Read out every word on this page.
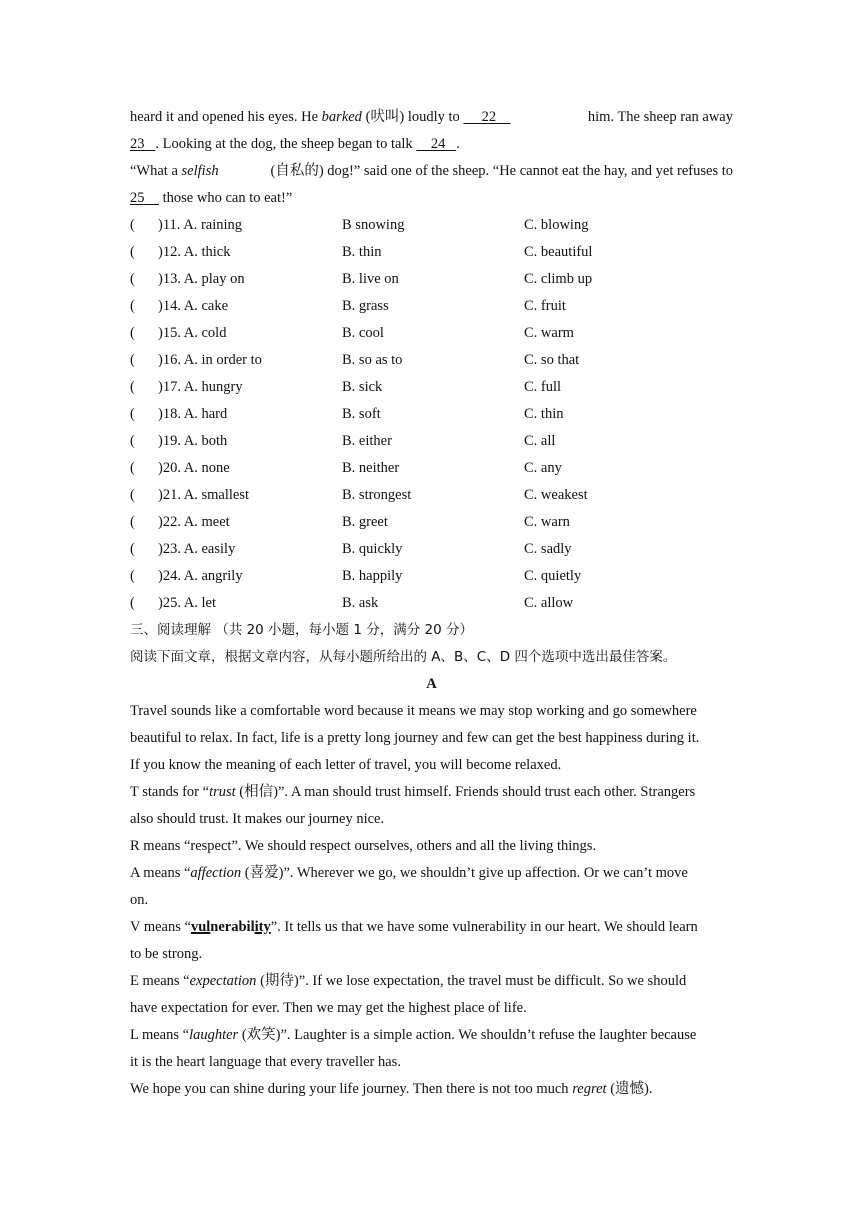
heard it and opened his eyes. He barked (吠叫) loudly to      22	him. The sheep ran away
23 . Looking at the dog, the sheep began to talk     24 .
“What a selfish	(自私的) dog!” said one of the sheep. “He cannot eat the hay, and yet refuses to
25     those who can to eat!”
( )11. A. raining	B snowing	C. blowing
( )12. A. thick	B. thin	C. beautiful
( )13. A. play on	B. live on	C. climb up
( )14. A. cake	B. grass	C. fruit
( )15. A. cold	B. cool	C. warm
( )16. A. in order to	B. so as to	C. so that
( )17. A. hungry	B. sick	C. full
( )18. A. hard	B. soft	C. thin
( )19. A. both	B. either	C. all
( )20. A. none	B. neither	C. any
( )21. A. smallest	B. strongest	C. weakest
( )22. A. meet	B. greet	C. warn
( )23. A. easily	B. quickly	C. sadly
( )24. A. angrily	B. happily	C. quietly
( )25. A. let	B. ask	C. allow
三、阅读理解 （共 20 小题，每小题 1 分，满分 20 分）
阅读下面文章，根据文章内容，从每小题所给出的 A、B、C、D 四个选项中选出最佳答案。
A
Travel sounds like a comfortable word because it means we may stop working and go somewhere
beautiful to relax. In fact, life is a pretty long journey and few can get the best happiness during it.
If you know the meaning of each letter of travel, you will become relaxed.
T stands for “trust (相信)”. A man should trust himself. Friends should trust each other. Strangers
also should trust. It makes our journey nice.
R means “respect”. We should respect ourselves, others and all the living things.
A means “affection (喜爱)”. Wherever we go, we shouldn’t give up affection. Or we can’t move
on.
V means “vulnerability”. It tells us that we have some vulnerability in our heart. We should learn
to be strong.
E means “expectation (期待)”. If we lose expectation, the travel must be difficult. So we should
have expectation for ever. Then we may get the highest place of life.
L means “laughter (欢笑)”. Laughter is a simple action. We shouldn’t refuse the laughter because
it is the heart language that every traveller has.
We hope you can shine during your life journey. Then there is not too much regret (遗憾).
